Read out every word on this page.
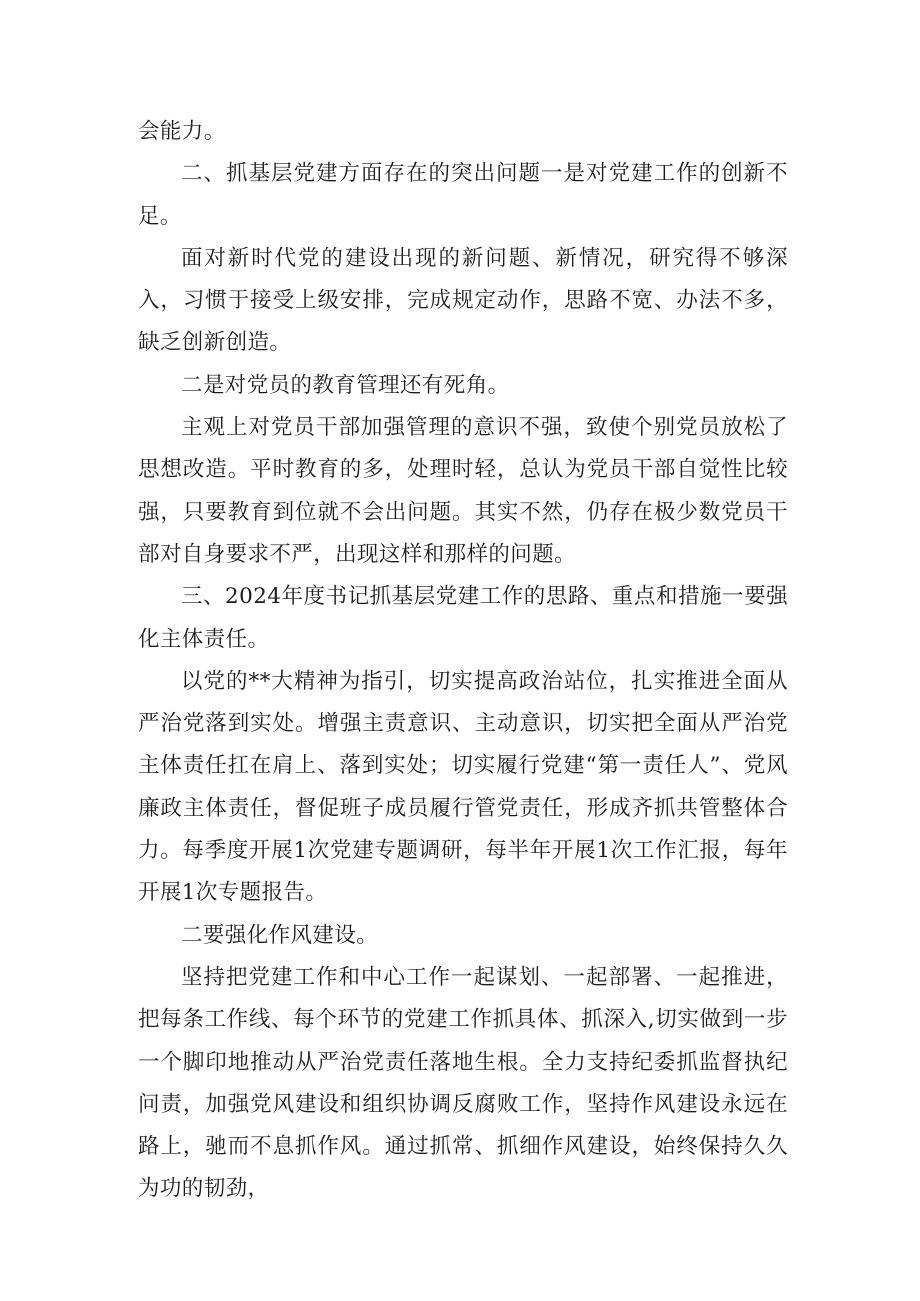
会能力。

二、抓基层党建方面存在的突出问题一是对党建工作的创新不足。

面对新时代党的建设出现的新问题、新情况，研究得不够深入，习惯于接受上级安排，完成规定动作，思路不宽、办法不多，缺乏创新创造。

二是对党员的教育管理还有死角。

主观上对党员干部加强管理的意识不强，致使个别党员放松了思想改造。平时教育的多，处理时轻，总认为党员干部自觉性比较强，只要教育到位就不会出问题。其实不然，仍存在极少数党员干部对自身要求不严，出现这样和那样的问题。

三、2024年度书记抓基层党建工作的思路、重点和措施一要强化主体责任。

以党的**大精神为指引，切实提高政治站位，扎实推进全面从严治党落到实处。增强主责意识、主动意识，切实把全面从严治党主体责任扛在肩上、落到实处；切实履行党建“第一责任人”、党风廉政主体责任，督促班子成员履行管党责任，形成齐抓共管整体合力。每季度开展1次党建专题调研，每半年开展1次工作汇报，每年开展1次专题报告。

二要强化作风建设。

坚持把党建工作和中心工作一起谋划、一起部署、一起推进，把每条工作线、每个环节的党建工作抓具体、抓深入,切实做到一步一个脚印地推动从严治党责任落地生根。全力支持纪委抓监督执纪问责，加强党风建设和组织协调反腐败工作，坚持作风建设永远在路上，驰而不息抓作风。通过抓常、抓细作风建设，始终保持久久为功的韧劲，
